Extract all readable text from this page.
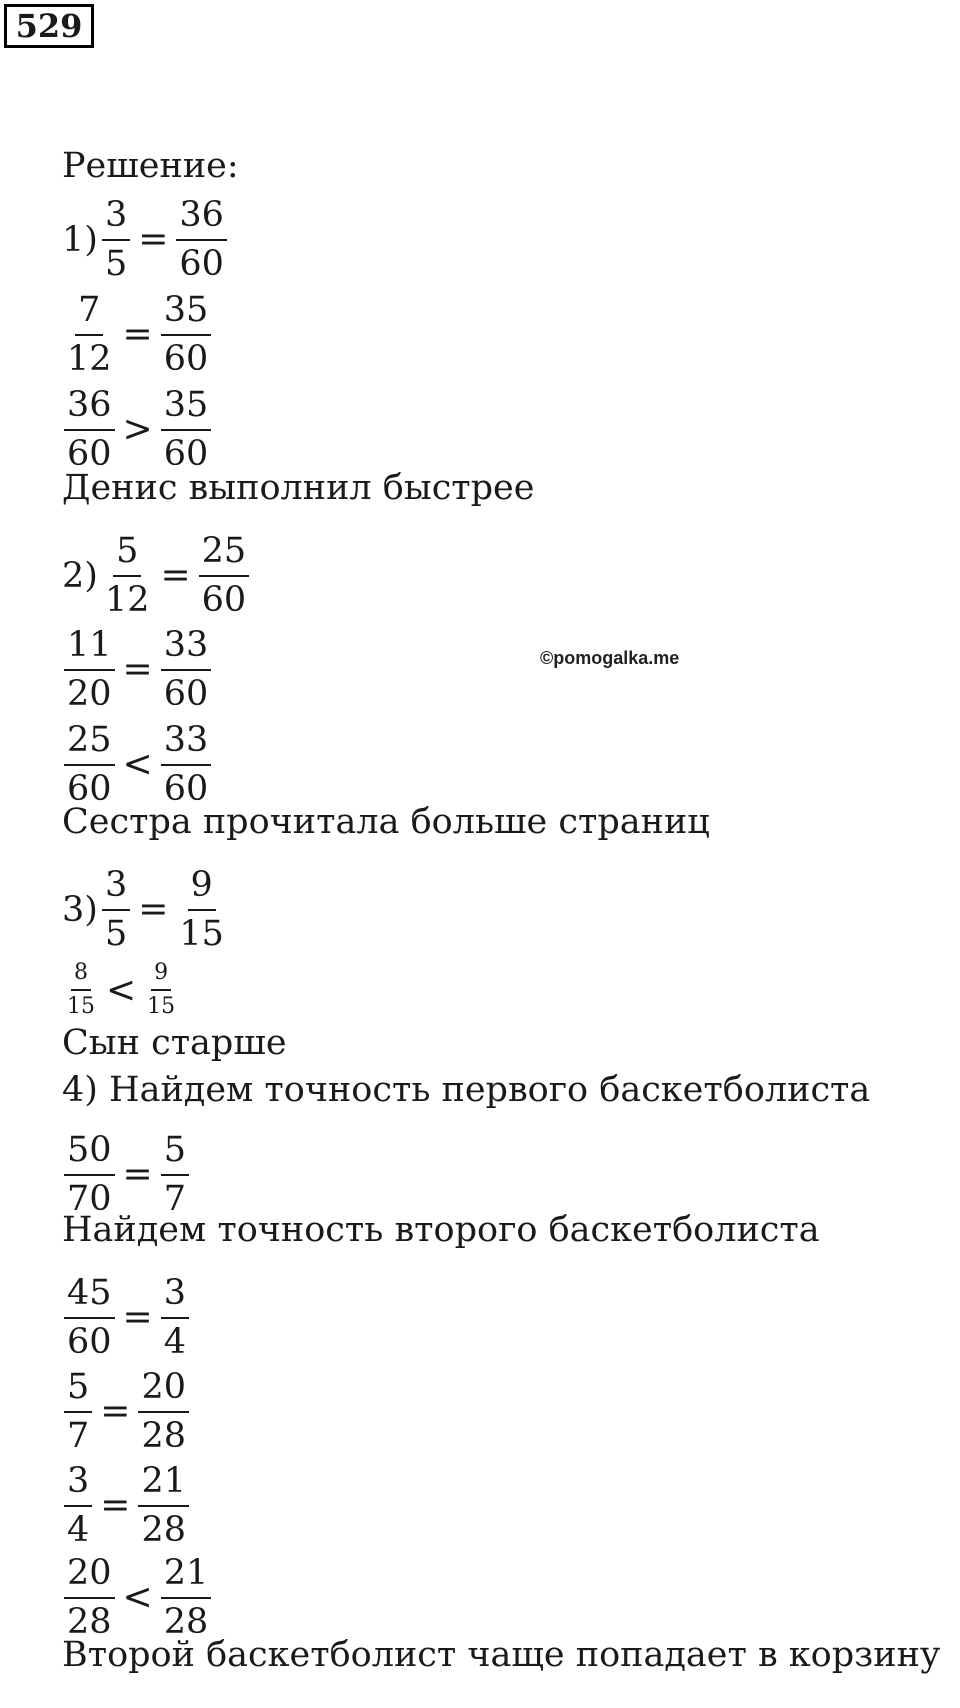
529
Решение:
©pomogalka.me
$1) \frac{3}{5} = \frac{36}{60}$
$\frac{7}{12} = \frac{35}{60}$
$\frac{36}{60} > \frac{35}{60}$
Денис выполнил быстрее
$2) \frac{5}{12} = \frac{25}{60}$
$\frac{11}{20} = \frac{33}{60}$
$\frac{25}{60} < \frac{33}{60}$
Сестра прочитала больше страниц
$3) \frac{3}{5} = \frac{9}{15}$
$\frac{8}{15} < \frac{9}{15}$
Сын старше
4) Найдем точность первого баскетболиста
$\frac{50}{70} = \frac{5}{7}$
Найдем точность второго баскетболиста
$\frac{45}{60} = \frac{3}{4}$
$\frac{5}{7} = \frac{20}{28}$
$\frac{3}{4} = \frac{21}{28}$
$\frac{20}{28} < \frac{21}{28}$
Второй баскетболист чаще попадает в корзину
